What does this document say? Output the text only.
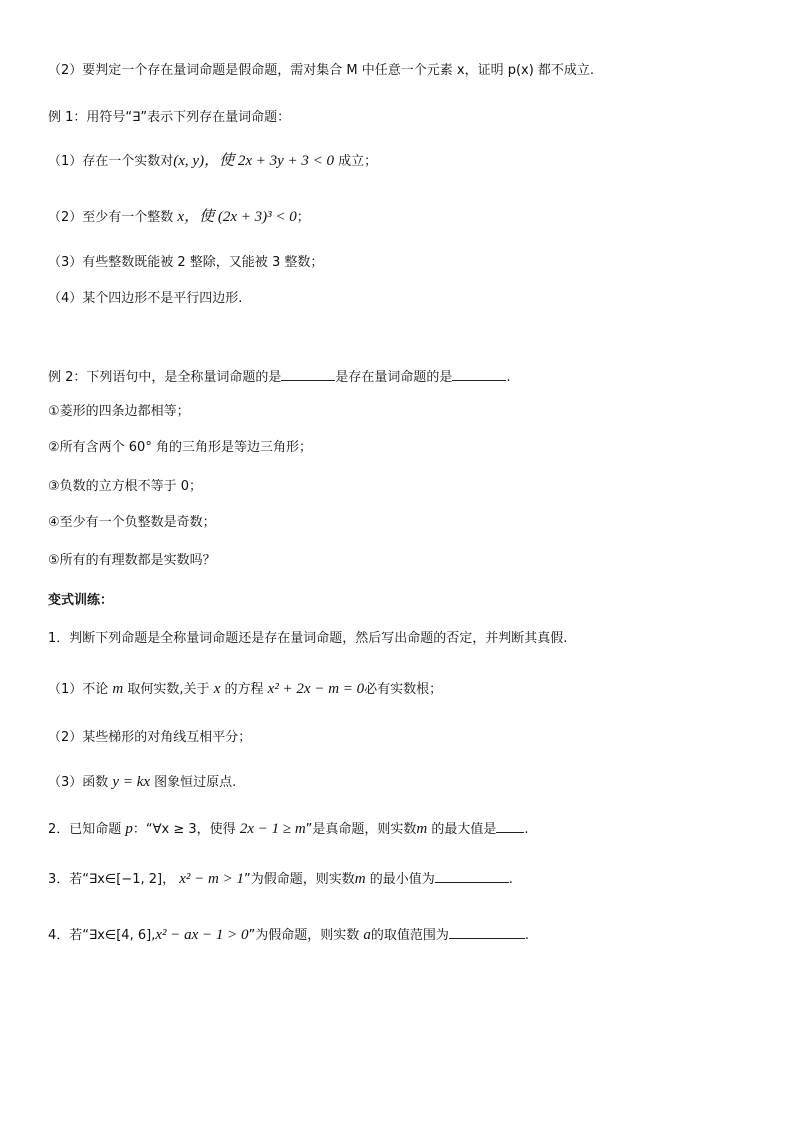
（2）要判定一个存在量词命题是假命题，需对集合 M 中任意一个元素 x，证明 p(x) 都不成立.
例 1：用符号“∃”表示下列存在量词命题：
（1）存在一个实数对(x, y)，使 2x + 3y + 3 < 0 成立；
（2）至少有一个整数 x，使 (2x + 3)³ < 0；
（3）有些整数既能被 2 整除，又能被 3 整数；
（4）某个四边形不是平行四边形.
例 2：下列语句中，是全称量词命题的是	是存在量词命题的是	.
①菱形的四条边都相等；
②所有含两个 60° 角的三角形是等边三角形；
③负数的立方根不等于 0；
④至少有一个负整数是奇数；
⑤所有的有理数都是实数吗？
变式训练：
1．判断下列命题是全称量词命题还是存在量词命题，然后写出命题的否定，并判断其真假.
（1）不论 m 取何实数,关于 x 的方程 x² + 2x − m = 0必有实数根；
（2）某些梯形的对角线互相平分；
（3）函数 y = kx 图象恒过原点.
2．已知命题 p：“∀x ≥ 3，使得 2x − 1 ≥ m”是真命题，则实数m 的最大值是 .
3．若“∃x∈[−1, 2]， x² − m > 1”为假命题，则实数m 的最小值为	.
4．若“∃x∈[4, 6],x² − ax − 1 > 0”为假命题，则实数 a的取值范围为	.
